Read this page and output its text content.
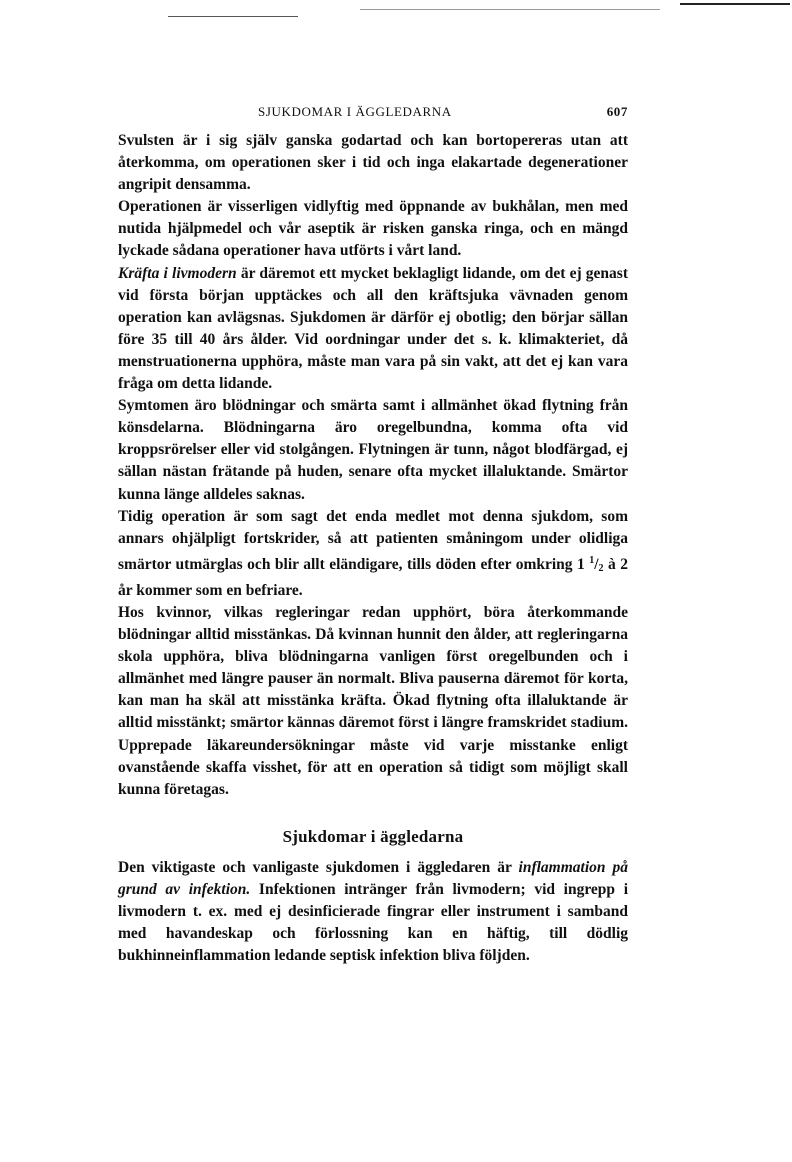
SJUKDOMAR I ÄGGLEDARNA	607

Svulsten är i sig själv ganska godartad och kan bortopereras utan att återkomma, om operationen sker i tid och inga elakartade degenerationer angripit densamma.

Operationen är visserligen vidlyftig med öppnande av bukhålan, men med nutida hjälpmedel och vår aseptik är risken ganska ringa, och en mängd lyckade sådana operationer hava utförts i vårt land.

Kräfta i livmodern är däremot ett mycket beklagligt lidande, om det ej genast vid första början upptäckes och all den kräftsjuka vävnaden genom operation kan avlägsnas. Sjukdomen är därför ej obotlig; den börjar sällan före 35 till 40 års ålder. Vid oordningar under det s. k. klimakteriet, då menstruationerna upphöra, måste man vara på sin vakt, att det ej kan vara fråga om detta lidande.

Symtomen äro blödningar och smärta samt i allmänhet ökad flytning från könsdelarna. Blödningarna äro oregelbundna, komma ofta vid kroppsrörelser eller vid stolgången. Flytningen är tunn, något blodfärgad, ej sällan nästan frätande på huden, senare ofta mycket illaluktande. Smärtor kunna länge alldeles saknas.

Tidig operation är som sagt det enda medlet mot denna sjukdom, som annars ohjälpligt fortskrider, så att patienten småningom under olidliga smärtor utmärglas och blir allt eländigare, tills döden efter omkring 1 $^1/_2$ à 2 år kommer som en befriare.

Hos kvinnor, vilkas regleringar redan upphört, böra återkommande blödningar alltid misstänkas. Då kvinnan hunnit den ålder, att regleringarna skola upphöra, bliva blödningarna vanligen först oregelbunden och i allmänhet med längre pauser än normalt. Bliva pauserna däremot för korta, kan man ha skäl att misstänka kräfta. Ökad flytning ofta illaluktande är alltid misstänkt; smärtor kännas däremot först i längre framskridet stadium. Upprepade läkareundersökningar måste vid varje misstanke enligt ovanstående skaffa visshet, för att en operation så tidigt som möjligt skall kunna företagas.

Sjukdomar i äggledarna

Den viktigaste och vanligaste sjukdomen i äggledaren är inflammation på grund av infektion. Infektionen intränger från livmodern; vid ingrepp i livmodern t. ex. med ej desinficierade fingrar eller instrument i samband med havandeskap och förlossning kan en häftig, till dödlig bukhinneinflammation ledande septisk infektion bliva följden.
